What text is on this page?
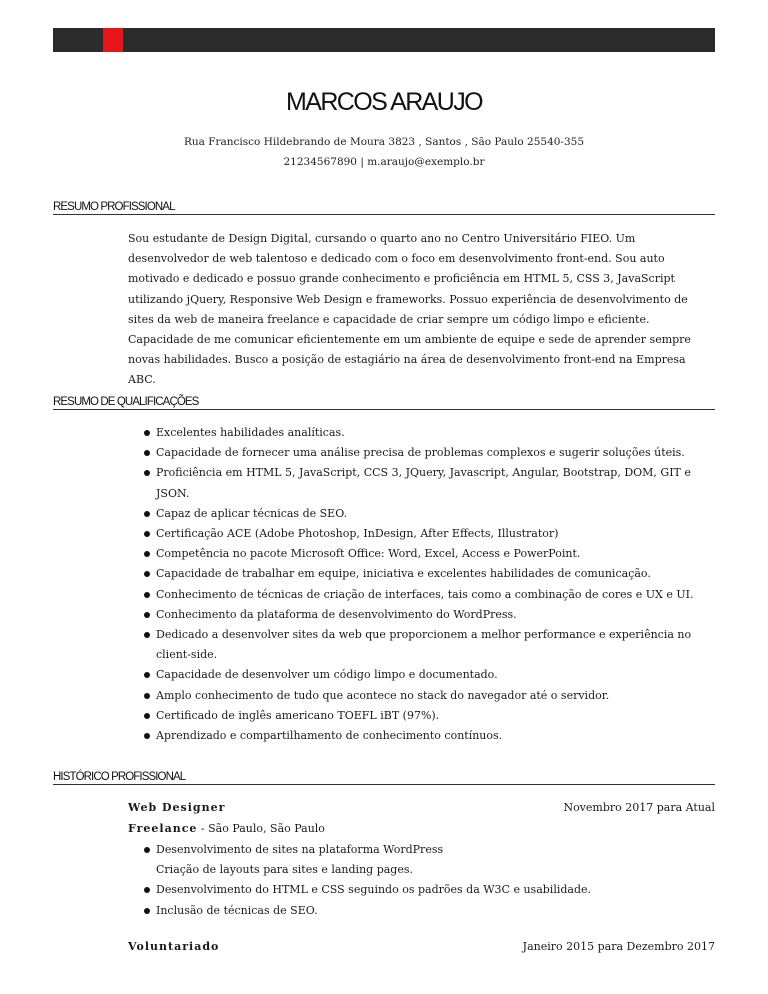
MARCOS ARAUJO
Rua Francisco Hildebrando de Moura 3823 , Santos , São Paulo 25540-355
21234567890 | m.araujo@exemplo.br
RESUMO PROFISSIONAL

Sou estudante de Design Digital, cursando o quarto ano no Centro Universitário FIEO. Um desenvolvedor de web talentoso e dedicado com o foco em desenvolvimento front-end. Sou auto motivado e dedicado e possuo grande conhecimento e proficiência em HTML 5, CSS 3, JavaScript utilizando jQuery, Responsive Web Design e frameworks. Possuo experiência de desenvolvimento de sites da web de maneira freelance e capacidade de criar sempre um código limpo e eficiente. Capacidade de me comunicar eficientemente em um ambiente de equipe e sede de aprender sempre novas habilidades. Busco a posição de estagiário na área de desenvolvimento front-end na Empresa ABC.

RESUMO DE QUALIFICAÇÕES
Excelentes habilidades analíticas.
Capacidade de fornecer uma análise precisa de problemas complexos e sugerir soluções úteis.
Proficiência em HTML 5, JavaScript, CCS 3, JQuery, Javascript, Angular, Bootstrap, DOM, GIT e JSON.
Capaz de aplicar técnicas de SEO.
Certificação ACE (Adobe Photoshop, InDesign, After Effects, Illustrator)
Competência no pacote Microsoft Office: Word, Excel, Access e PowerPoint.
Capacidade de trabalhar em equipe, iniciativa e excelentes habilidades de comunicação.
Conhecimento de técnicas de criação de interfaces, tais como a combinação de cores e UX e UI.
Conhecimento da plataforma de desenvolvimento do WordPress.
Dedicado a desenvolver sites da web que proporcionem a melhor performance e experiência no client-side.
Capacidade de desenvolver um código limpo e documentado.
Amplo conhecimento de tudo que acontece no stack do navegador até o servidor.
Certificado de inglês americano TOEFL iBT (97%).
Aprendizado e compartilhamento de conhecimento contínuos.
HISTÓRICO PROFISSIONAL
Web Designer	Novembro 2017 para Atual
Freelance - São Paulo, São Paulo
Desenvolvimento de sites na plataforma WordPress Criação de layouts para sites e landing pages.
Desenvolvimento do HTML e CSS seguindo os padrões da W3C e usabilidade.
Inclusão de técnicas de SEO.
Voluntariado	Janeiro 2015 para Dezembro 2017
